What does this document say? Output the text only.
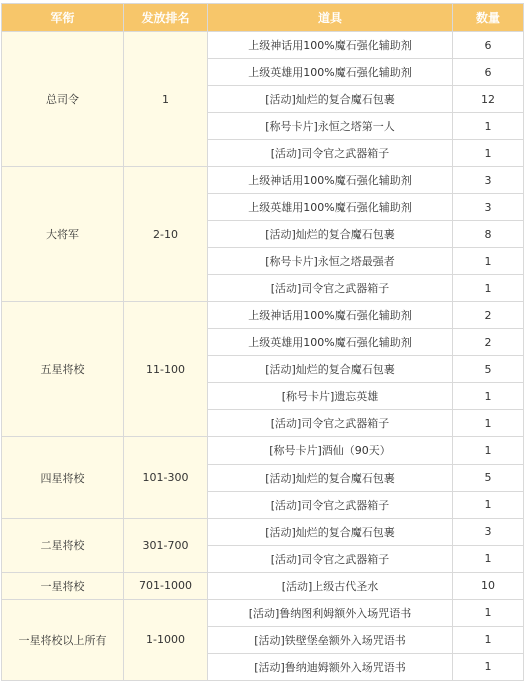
军衔	发放排名	道具	数量
总司令	1	上级神话用100%魔石强化辅助剂	6
		上级英雄用100%魔石强化辅助剂	6
		[活动]灿烂的复合魔石包裹	12
		[称号卡片]永恒之塔第一人	1
		[活动]司令官之武器箱子	1
大将军	2-10	上级神话用100%魔石强化辅助剂	3
		上级英雄用100%魔石强化辅助剂	3
		[活动]灿烂的复合魔石包裹	8
		[称号卡片]永恒之塔最强者	1
		[活动]司令官之武器箱子	1
五星将校	11-100	上级神话用100%魔石强化辅助剂	2
		上级英雄用100%魔石强化辅助剂	2
		[活动]灿烂的复合魔石包裹	5
		[称号卡片]遗忘英雄	1
		[活动]司令官之武器箱子	1
四星将校	101-300	[称号卡片]酒仙（90天）	1
		[活动]灿烂的复合魔石包裹	5
		[活动]司令官之武器箱子	1
二星将校	301-700	[活动]灿烂的复合魔石包裹	3
		[活动]司令官之武器箱子	1
一星将校	701-1000	[活动]上级古代圣水	10
一星将校以上所有	1-1000	[活动]鲁纳图利姆额外入场咒语书	1
		[活动]铁壁堡垒额外入场咒语书	1
		[活动]鲁纳迪姆额外入场咒语书	1
